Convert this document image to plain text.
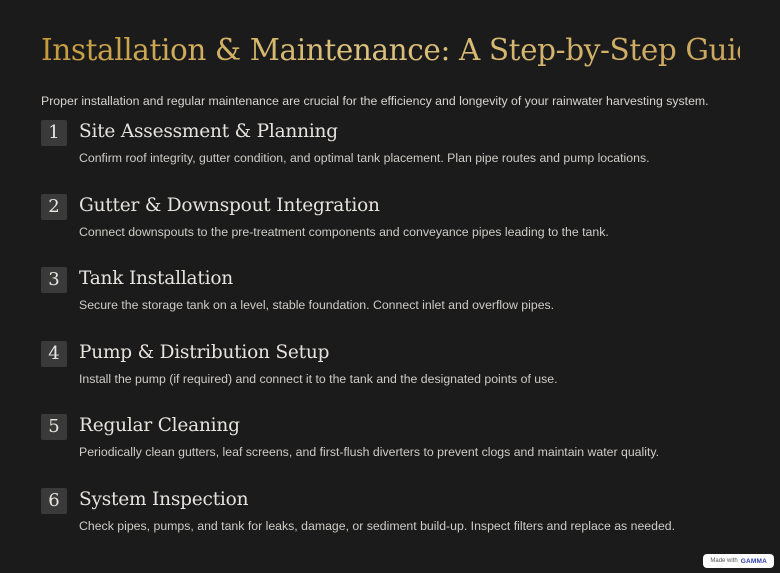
Installation & Maintenance: A Step-by-Step Guide

Proper installation and regular maintenance are crucial for the efficiency and longevity of your rainwater harvesting system.

1	Site Assessment & Planning

Confirm roof integrity, gutter condition, and optimal tank placement. Plan pipe routes and pump locations.

2	Gutter & Downspout Integration

Connect downspouts to the pre-treatment components and conveyance pipes leading to the tank.

3	Tank Installation

Secure the storage tank on a level, stable foundation. Connect inlet and overflow pipes.

4	Pump & Distribution Setup

Install the pump (if required) and connect it to the tank and the designated points of use.

5	Regular Cleaning

Periodically clean gutters, leaf screens, and first-flush diverters to prevent clogs and maintain water quality.

6	System Inspection

Check pipes, pumps, and tank for leaks, damage, or sediment build-up. Inspect filters and replace as needed.

Made with GAMMA
